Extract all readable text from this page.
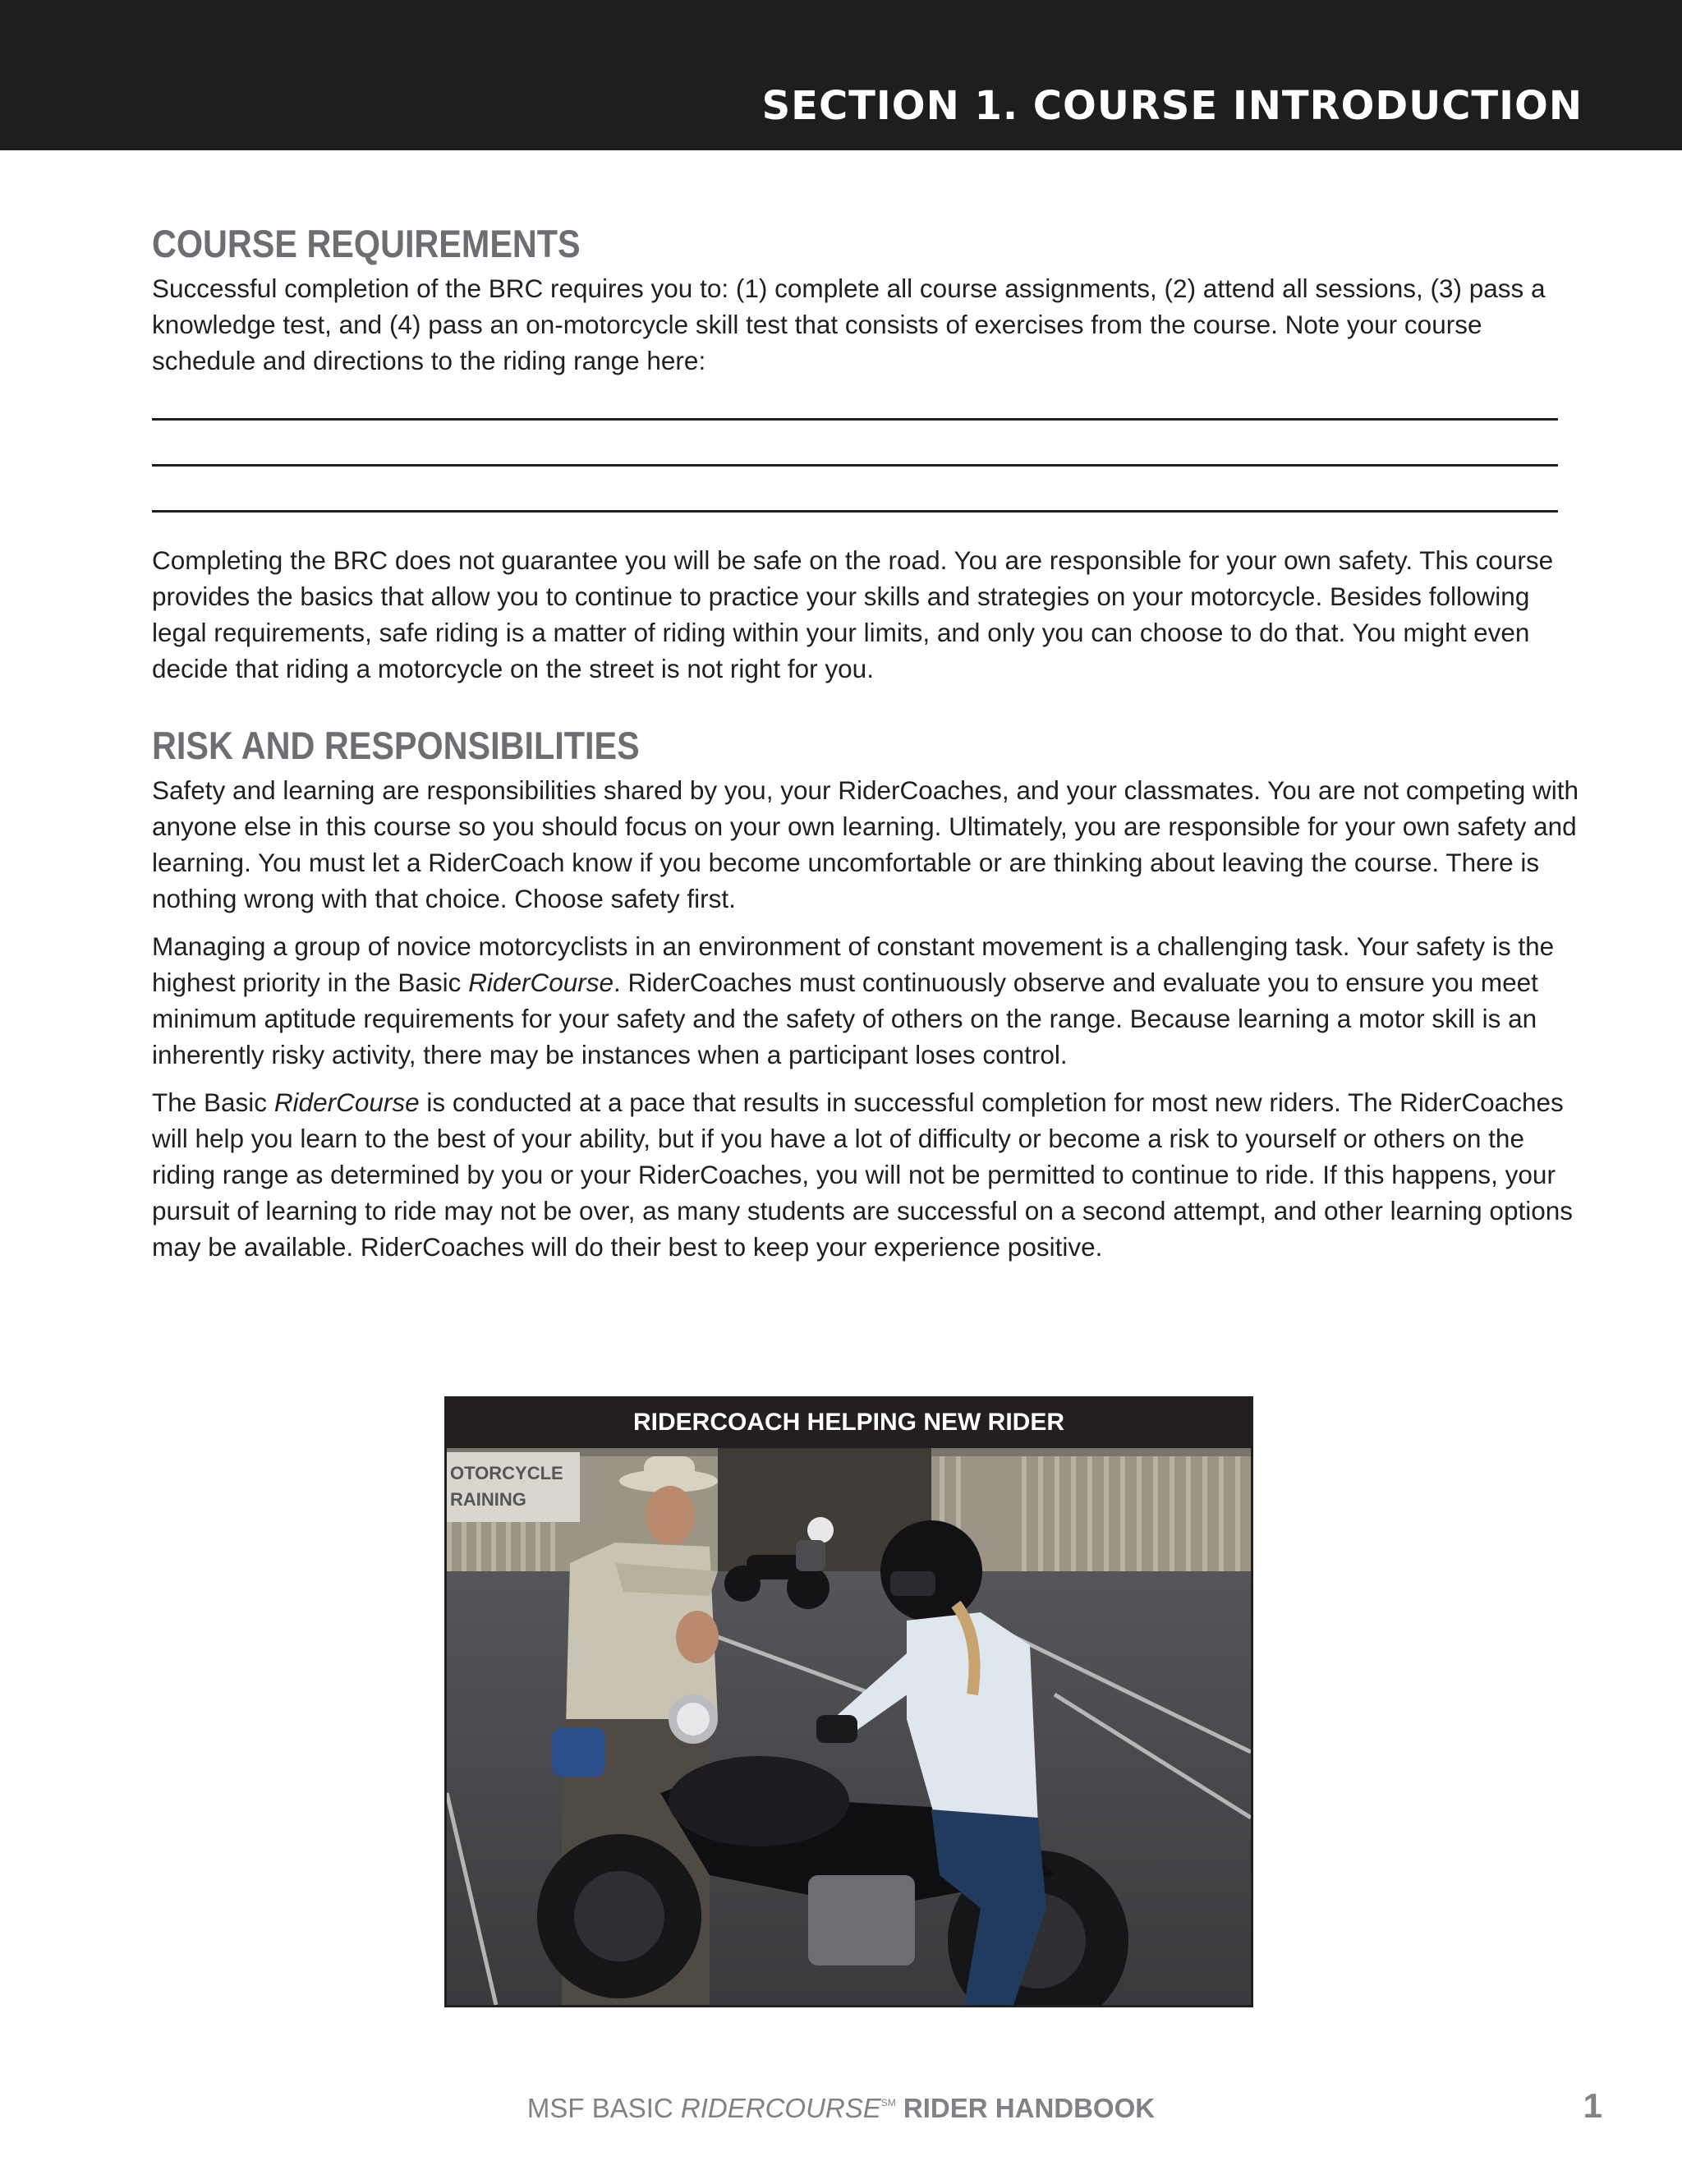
SECTION 1. COURSE INTRODUCTION
COURSE REQUIREMENTS

Successful completion of the BRC requires you to: (1) complete all course assignments, (2) attend all sessions, (3) pass a knowledge test, and (4) pass an on-motorcycle skill test that consists of exercises from the course. Note your course schedule and directions to the riding range here:

Completing the BRC does not guarantee you will be safe on the road. You are responsible for your own safety. This course provides the basics that allow you to continue to practice your skills and strategies on your motorcycle. Besides following legal requirements, safe riding is a matter of riding within your limits, and only you can choose to do that. You might even decide that riding a motorcycle on the street is not right for you.

RISK AND RESPONSIBILITIES

Safety and learning are responsibilities shared by you, your RiderCoaches, and your classmates. You are not competing with anyone else in this course so you should focus on your own learning. Ultimately, you are responsible for your own safety and learning. You must let a RiderCoach know if you become uncomfortable or are thinking about leaving the course. There is nothing wrong with that choice. Choose safety first.

Managing a group of novice motorcyclists in an environment of constant movement is a challenging task. Your safety is the highest priority in the Basic RiderCourse. RiderCoaches must continuously observe and evaluate you to ensure you meet minimum aptitude requirements for your safety and the safety of others on the range. Because learning a motor skill is an inherently risky activity, there may be instances when a participant loses control.

The Basic RiderCourse is conducted at a pace that results in successful completion for most new riders. The RiderCoaches will help you learn to the best of your ability, but if you have a lot of difficulty or become a risk to yourself or others on the riding range as determined by you or your RiderCoaches, you will not be permitted to continue to ride. If this happens, your pursuit of learning to ride may not be over, as many students are successful on a second attempt, and other learning options may be available. RiderCoaches will do their best to keep your experience positive.

RIDERCOACH HELPING NEW RIDER
OTORCYCLE
RAINING
MSF BASIC RIDERCOURSE℠ RIDER HANDBOOK	1
